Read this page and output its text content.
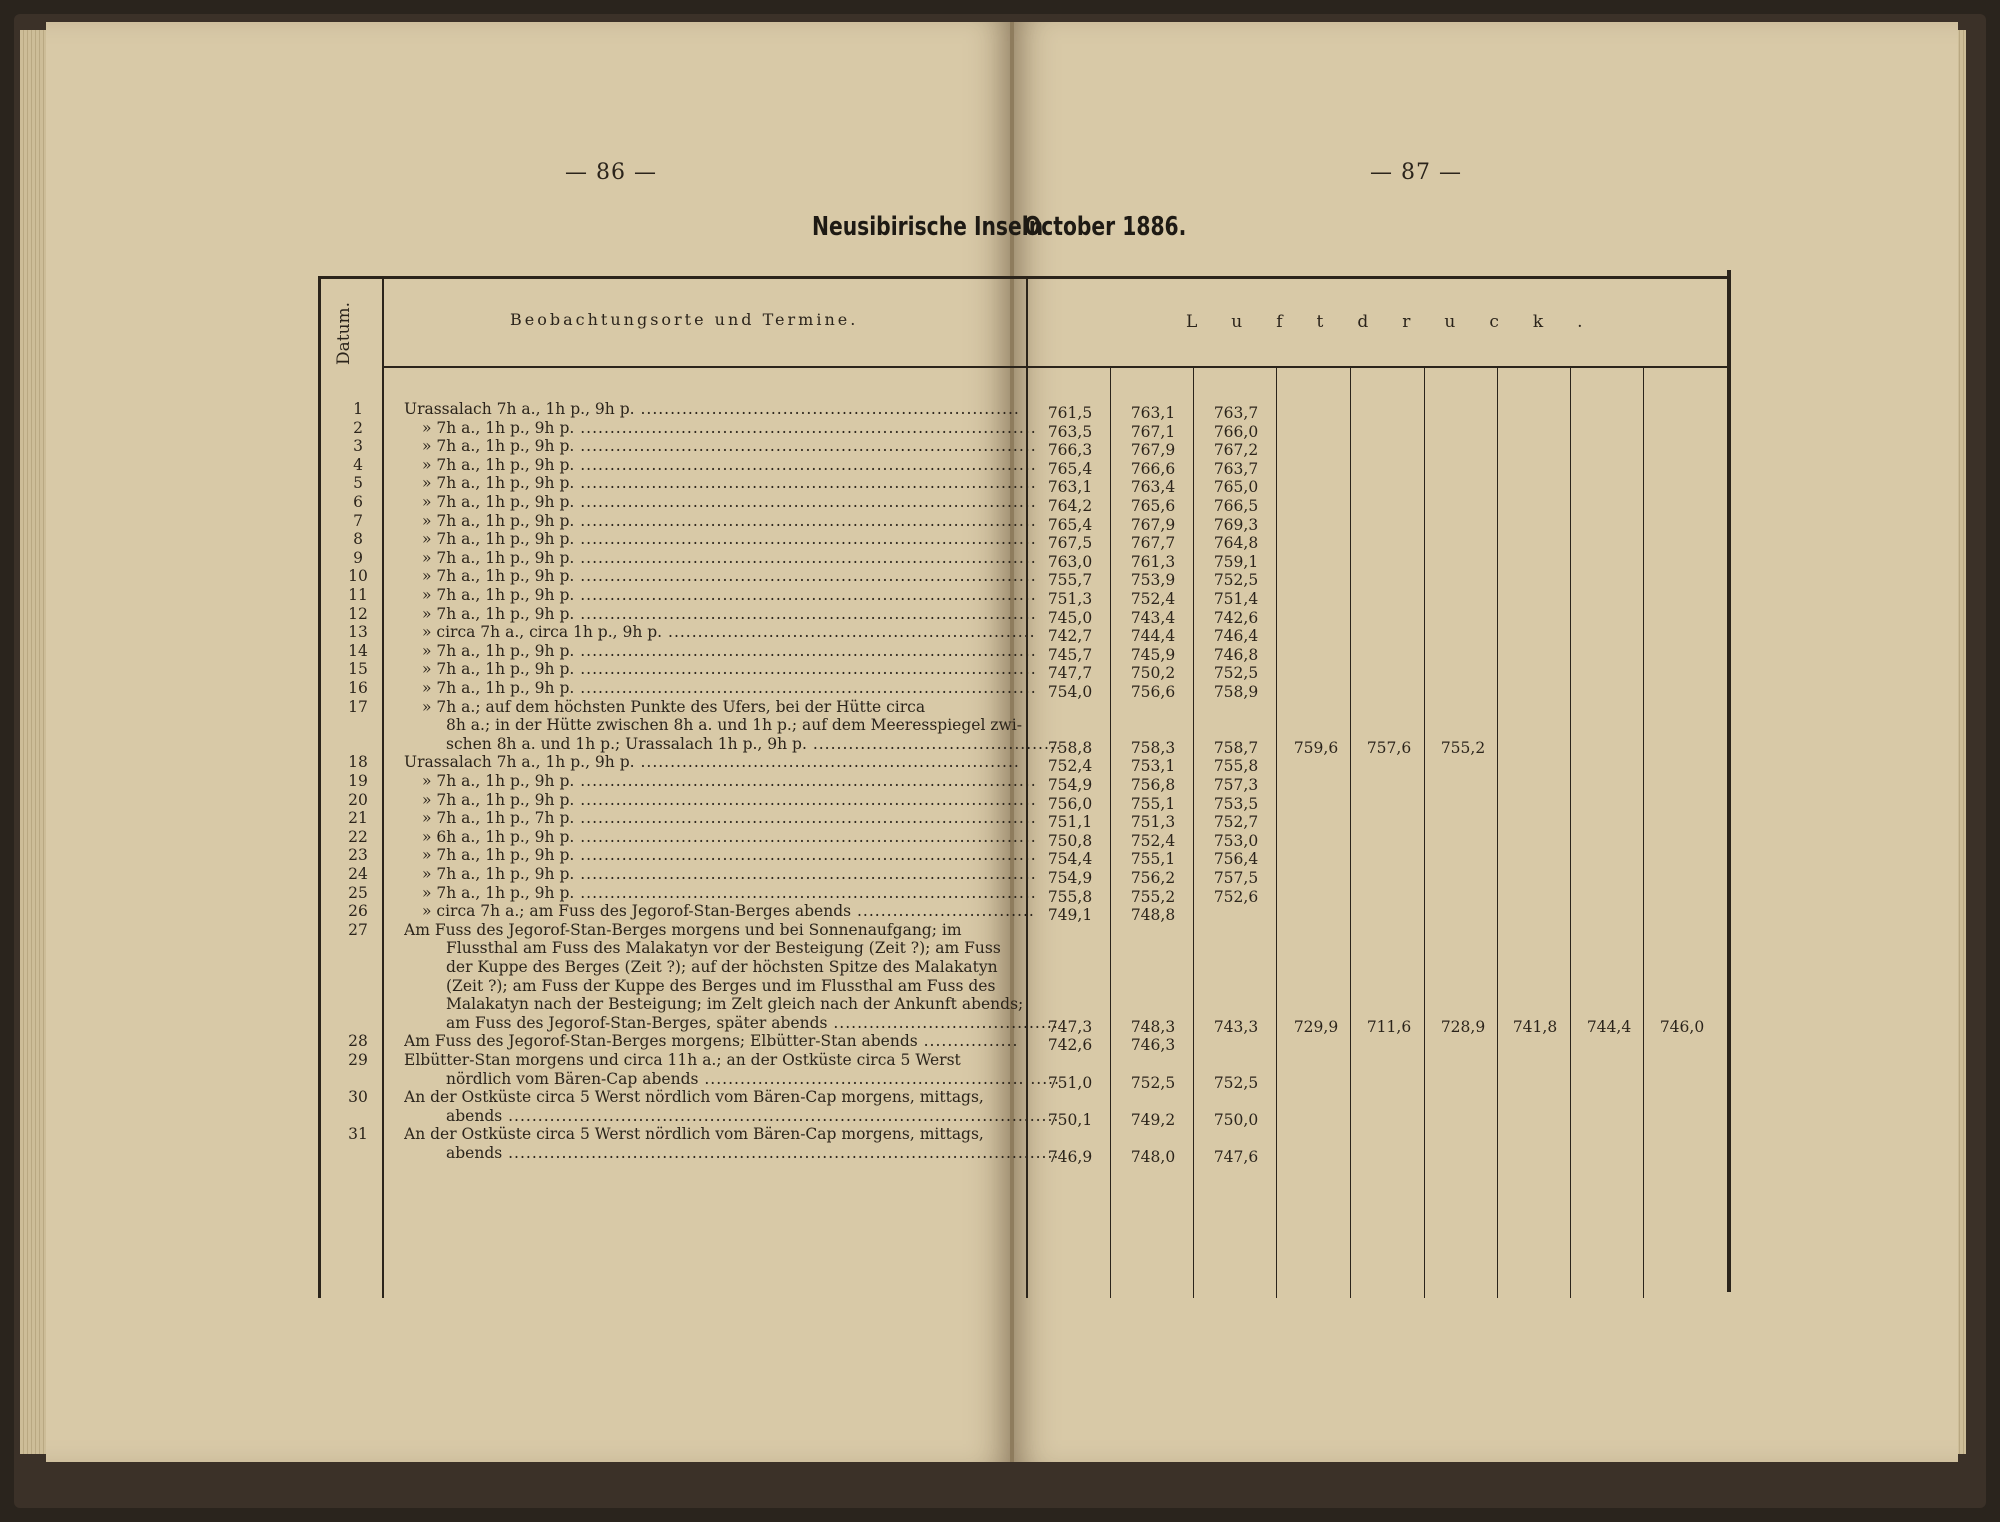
— 86 —	— 87 —
Neusibirische Inseln
October 1886.
Datum.	Beobachtungsorte und Termine.	Luftdruck.
1	Urassalach 7h a., 1h p., 9h p. .....	761,5	763,1	763,7
2	» 7h a., 1h p., 9h p. .....	763,5	767,1	766,0
3	» 7h a., 1h p., 9h p. .....	766,3	767,9	767,2
4	» 7h a., 1h p., 9h p. .....	765,4	766,6	763,7
5	» 7h a., 1h p., 9h p. .....	763,1	763,4	765,0
6	» 7h a., 1h p., 9h p. .....	764,2	765,6	766,5
7	» 7h a., 1h p., 9h p. .....	765,4	767,9	769,3
8	» 7h a., 1h p., 9h p. .....	767,5	767,7	764,8
9	» 7h a., 1h p., 9h p. .....	763,0	761,3	759,1
10	» 7h a., 1h p., 9h p. .....	755,7	753,9	752,5
11	» 7h a., 1h p., 9h p. .....	751,3	752,4	751,4
12	» 7h a., 1h p., 9h p. .....	745,0	743,4	742,6
13	» circa 7h a., circa 1h p., 9h p. .....	742,7	744,4	746,4
14	» 7h a., 1h p., 9h p. .....	745,7	745,9	746,8
15	» 7h a., 1h p., 9h p. .....	747,7	750,2	752,5
16	» 7h a., 1h p., 9h p. .....	754,0	756,6	758,9
17	» 7h a.; auf dem höchsten Punkte des Ufers, bei der Hütte circa
8h a.; in der Hütte zwischen 8h a. und 1h p.; auf dem Meeresspiegel zwi-
schen 8h a. und 1h p.; Urassalach 1h p., 9h p. .....	758,8	758,3	758,7	759,6	757,6	755,2
18	Urassalach 7h a., 1h p., 9h p. .....	752,4	753,1	755,8
19	» 7h a., 1h p., 9h p. .....	754,9	756,8	757,3
20	» 7h a., 1h p., 9h p. .....	756,0	755,1	753,5
21	» 7h a., 1h p., 7h p. .....	751,1	751,3	752,7
22	» 6h a., 1h p., 9h p. .....	750,8	752,4	753,0
23	» 7h a., 1h p., 9h p. .....	754,4	755,1	756,4
24	» 7h a., 1h p., 9h p. .....	754,9	756,2	757,5
25	» 7h a., 1h p., 9h p. .....	755,8	755,2	752,6
26	» circa 7h a.; am Fuss des Jegorof-Stan-Berges abends .....	749,1	748,8
27	Am Fuss des Jegorof-Stan-Berges morgens und bei Sonnenaufgang; im
Flussthal am Fuss des Malakatyn vor der Besteigung (Zeit ?); am Fuss
der Kuppe des Berges (Zeit ?); auf der höchsten Spitze des Malakatyn
(Zeit ?); am Fuss der Kuppe des Berges und im Flussthal am Fuss des
Malakatyn nach der Besteigung; im Zelt gleich nach der Ankunft abends;
am Fuss des Jegorof-Stan-Berges, später abends .....	747,3	748,3	743,3	729,9	711,6	728,9	741,8	744,4	746,0
28	Am Fuss des Jegorof-Stan-Berges morgens; Elbütter-Stan abends .....	742,6	746,3
29	Elbütter-Stan morgens und circa 11h a.; an der Ostküste circa 5 Werst
nördlich vom Bären-Cap abends .....	751,0	752,5	752,5
30	An der Ostküste circa 5 Werst nördlich vom Bären-Cap morgens, mittags,
abends .....	750,1	749,2	750,0
31	An der Ostküste circa 5 Werst nördlich vom Bären-Cap morgens, mittags,
abends .....	746,9	748,0	747,6
